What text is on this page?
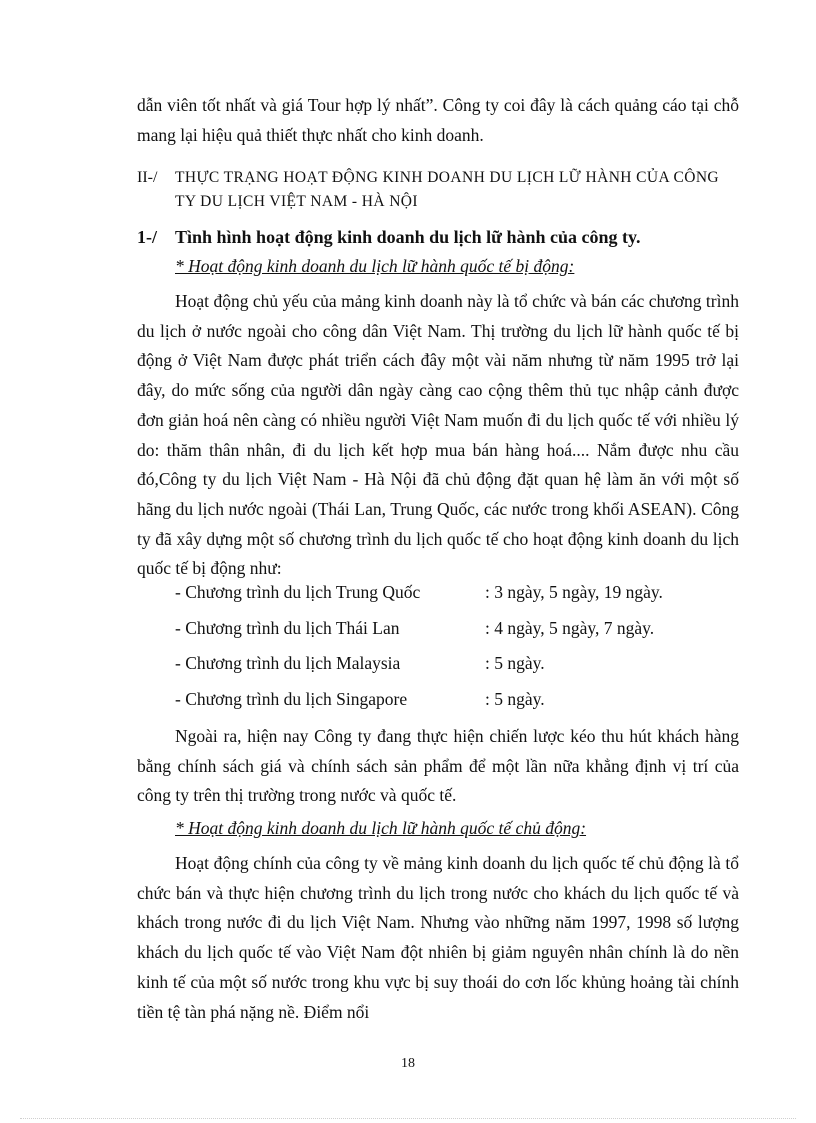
dẫn viên tốt nhất và giá Tour hợp lý nhất”. Công ty coi đây là cách quảng cáo tại chỗ mang lại hiệu quả thiết thực nhất cho kinh doanh.

II-/ THỰC TRẠNG HOẠT ĐỘNG KINH DOANH DU LỊCH LỮ HÀNH CỦA CÔNG TY DU LỊCH VIỆT NAM - HÀ NỘI
1-/ Tình hình hoạt động kinh doanh du lịch lữ hành của công ty.
* Hoạt động kinh doanh du lịch lữ hành quốc tế bị động:

Hoạt động chủ yếu của mảng kinh doanh này là tổ chức và bán các chương trình du lịch ở nước ngoài cho công dân Việt Nam. Thị trường du lịch lữ hành quốc tế bị động ở Việt Nam được phát triển cách đây một vài năm nhưng từ năm 1995 trở lại đây, do mức sống của người dân ngày càng cao cộng thêm thủ tục nhập cảnh được đơn giản hoá nên càng có nhiều người Việt Nam muốn đi du lịch quốc tế với nhiều lý do: thăm thân nhân, đi du lịch kết hợp mua bán hàng hoá.... Nắm được nhu cầu đó,Công ty du lịch Việt Nam - Hà Nội đã chủ động đặt quan hệ làm ăn với một số hãng du lịch nước ngoài (Thái Lan, Trung Quốc, các nước trong khối ASEAN). Công ty đã xây dựng một số chương trình du lịch quốc tế cho hoạt động kinh doanh du lịch quốc tế bị động như:

- Chương trình du lịch Trung Quốc	: 3 ngày, 5 ngày, 19 ngày.
- Chương trình du lịch Thái Lan	: 4 ngày, 5 ngày, 7 ngày.
- Chương trình du lịch Malaysia	: 5 ngày.
- Chương trình du lịch Singapore	: 5 ngày.

Ngoài ra, hiện nay Công ty đang thực hiện chiến lược kéo thu hút khách hàng bằng chính sách giá và chính sách sản phẩm để một lần nữa khẳng định vị trí của công ty trên thị trường trong nước và quốc tế.

* Hoạt động kinh doanh du lịch lữ hành quốc tế chủ động:

Hoạt động chính của công ty về mảng kinh doanh du lịch quốc tế chủ động là tổ chức bán và thực hiện chương trình du lịch trong nước cho khách du lịch quốc tế và khách trong nước đi du lịch Việt Nam. Nhưng vào những năm 1997, 1998 số lượng khách du lịch quốc tế vào Việt Nam đột nhiên bị giảm nguyên nhân chính là do nền kinh tế của một số nước trong khu vực bị suy thoái do cơn lốc khủng hoảng tài chính tiền tệ tàn phá nặng nề. Điểm nổi

18
